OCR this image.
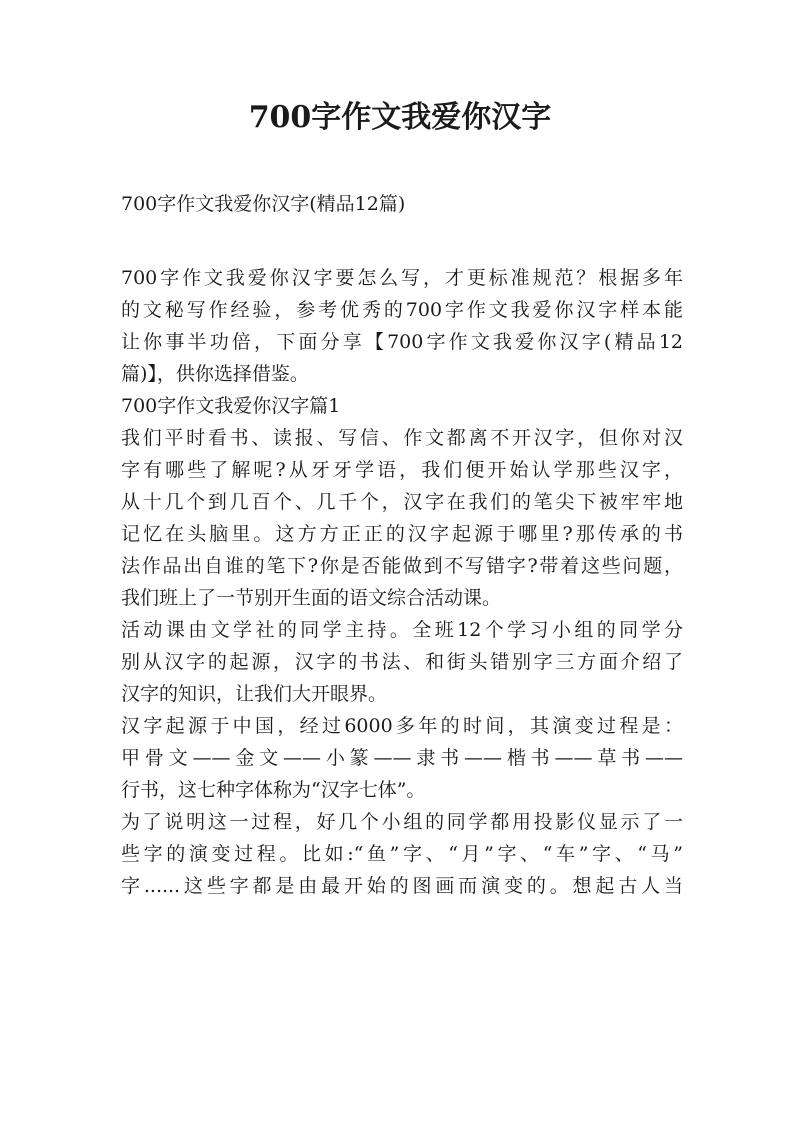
700字作文我爱你汉字

700字作文我爱你汉字(精品12篇)

700字作文我爱你汉字要怎么写，才更标准规范？根据多年
的文秘写作经验，参考优秀的700字作文我爱你汉字样本能
让你事半功倍，下面分享【700字作文我爱你汉字(精品12
篇)】，供你选择借鉴。
700字作文我爱你汉字篇1
我们平时看书、读报、写信、作文都离不开汉字，但你对汉
字有哪些了解呢?从牙牙学语，我们便开始认学那些汉字，
从十几个到几百个、几千个，汉字在我们的笔尖下被牢牢地
记忆在头脑里。这方方正正的汉字起源于哪里?那传承的书
法作品出自谁的笔下?你是否能做到不写错字?带着这些问题，
我们班上了一节别开生面的语文综合活动课。
活动课由文学社的同学主持。全班12个学习小组的同学分
别从汉字的起源，汉字的书法、和街头错别字三方面介绍了
汉字的知识，让我们大开眼界。
汉字起源于中国，经过6000多年的时间，其演变过程是：
甲骨文——金文——小篆——隶书——楷书——草书——
行书，这七种字体称为“汉字七体”。
为了说明这一过程，好几个小组的同学都用投影仪显示了一
些字的演变过程。比如:“鱼”字、“月”字、“车”字、“马”
字......这些字都是由最开始的图画而演变的。想起古人当
